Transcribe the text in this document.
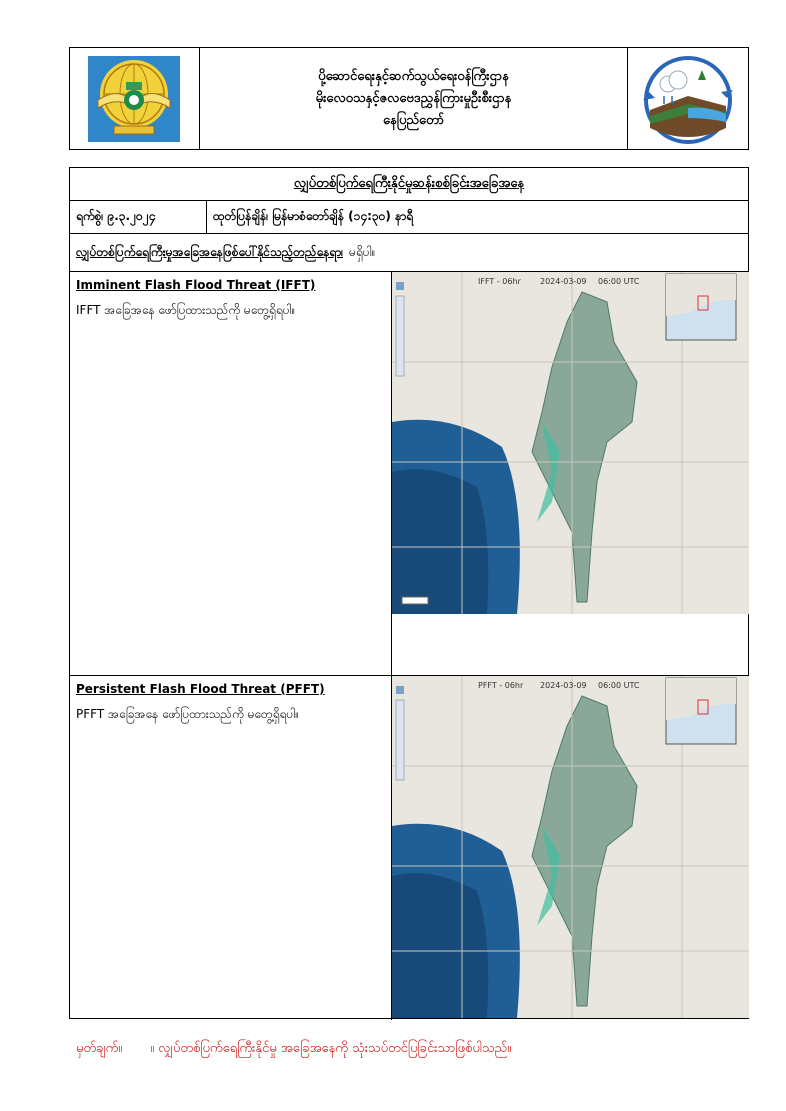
ပို့ဆောင်ရေးနှင့်ဆက်သွယ်ရေးဝန်ကြီးဌာန
မိုးလေဝသနှင့်ဇလဗေဒညွှန်ကြားမှုဦးစီးဌာန
နေပြည်တော်
လျှပ်တစ်ပြက်ရေကြီးနိုင်မှုဆန်းစစ်ခြင်းအခြေအနေ
ရက်စွဲ၊ ၉.၃.၂၀၂၄	ထုတ်ပြန်ချိန်၊ မြန်မာစံတော်ချိန် (၁၄:၃၀) နာရီ
လျှပ်တစ်ပြက်ရေကြီးမှုအခြေအနေဖြစ်ပေါ်နိုင်သည့်တည်နေရာ၊ မရှိပါ။
Imminent Flash Flood Threat (IFFT)
IFFT အခြေအနေ ဖော်ပြထားသည်ကို မတွေ့ရှိရပါ။
IFFT - 06hr 2024-03-09 06:00 UTC
Persistent Flash Flood Threat (PFFT)
PFFT အခြေအနေ ဖော်ပြထားသည်ကို မတွေ့ရှိရပါ။
PFFT - 06hr 2024-03-09 06:00 UTC
မှတ်ချက်။ ။ လျှပ်တစ်ပြက်ရေကြီးနိုင်မှု အခြေအနေကို သုံးသပ်တင်ပြခြင်းသာဖြစ်ပါသည်။
